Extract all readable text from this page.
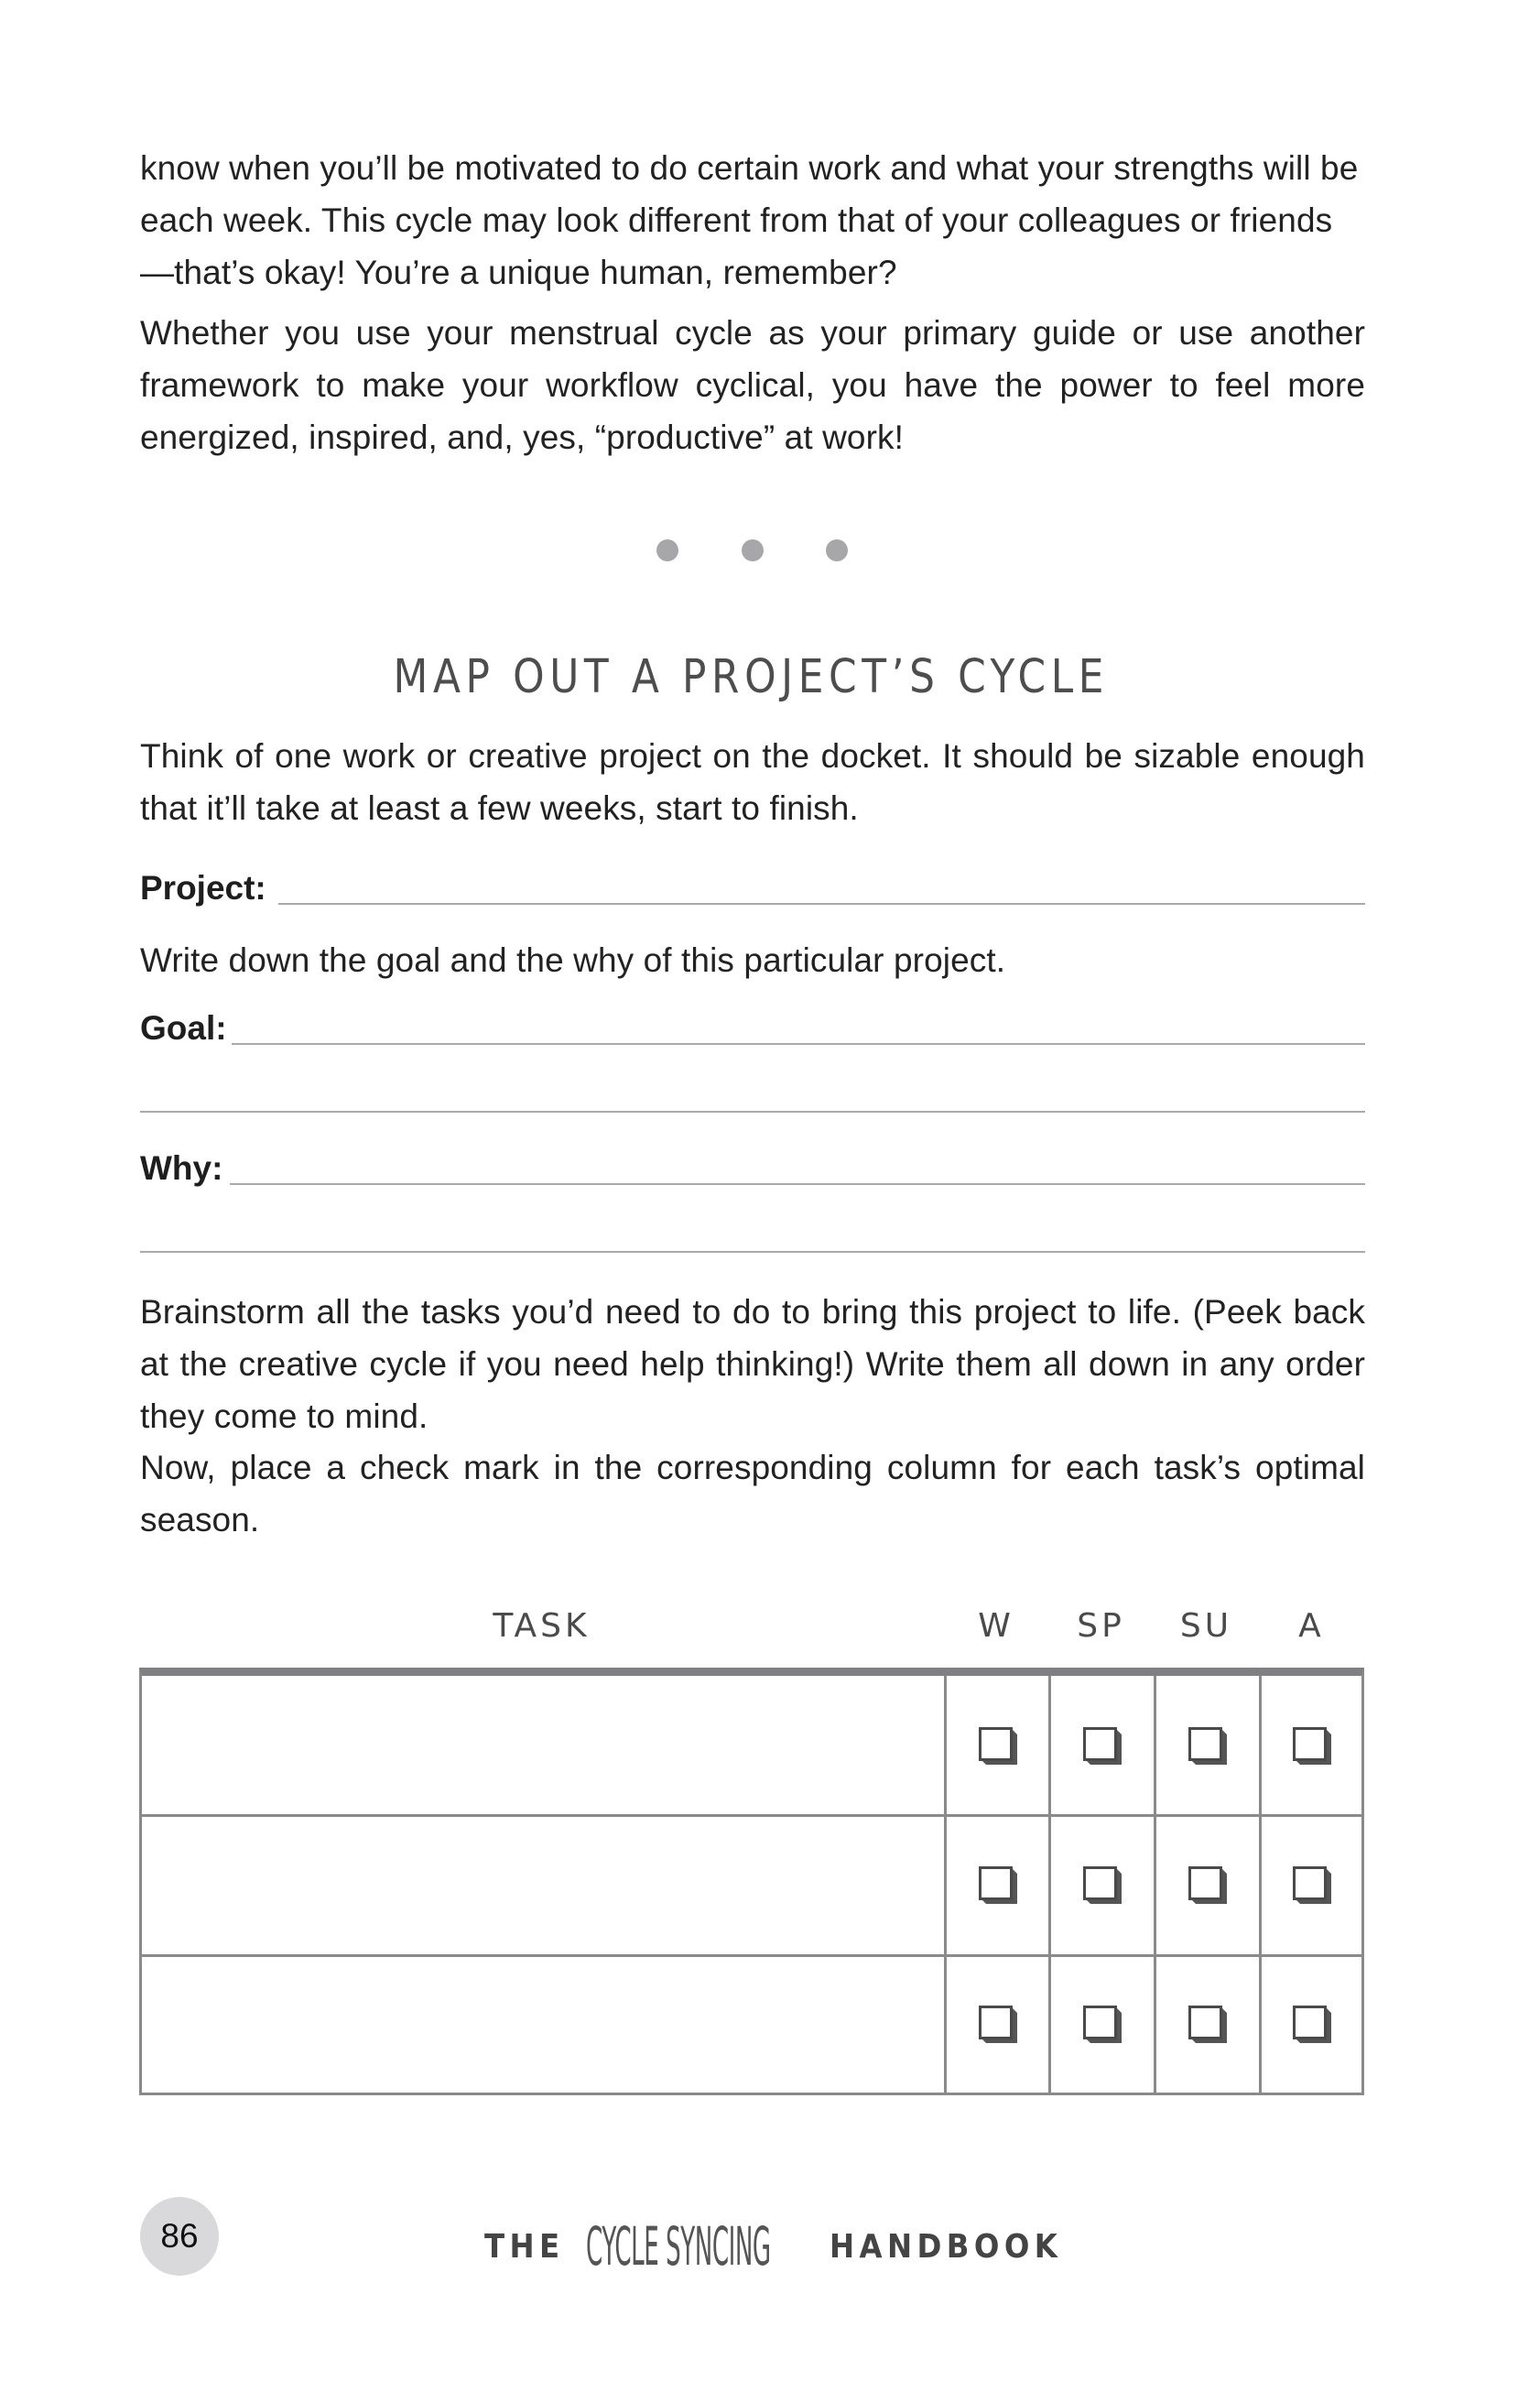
know when you’ll be motivated to do certain work and what your strengths will be each week. This cycle may look different from that of your colleagues or friends—that’s okay! You’re a unique human, remember?

Whether you use your menstrual cycle as your primary guide or use another framework to make your workflow cyclical, you have the power to feel more energized, inspired, and, yes, “productive” at work!

MAP OUT A PROJECT’S CYCLE

Think of one work or creative project on the docket. It should be sizable enough that it’ll take at least a few weeks, start to finish.

Project:

Write down the goal and the why of this particular project.

Goal:
Why:

Brainstorm all the tasks you’d need to do to bring this project to life. (Peek back at the creative cycle if you need help thinking!) Write them all down in any order they come to mind.

Now, place a check mark in the corresponding column for each task’s optimal season.

TASK	W	SP	SU	A
86	THE CYCLE SYNCING HANDBOOK
